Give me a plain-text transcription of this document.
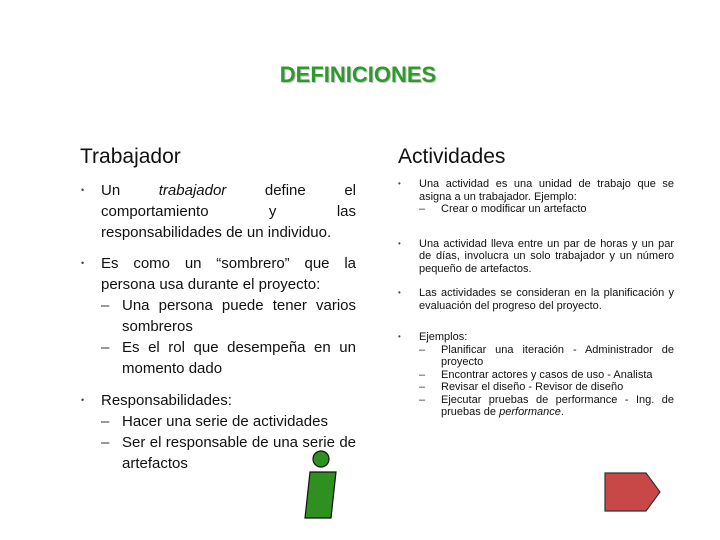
DEFINICIONES
Trabajador	Actividades
• Un trabajador define el comportamiento y las responsabilidades de un individuo.
• Es como un “sombrero” que la persona usa durante el proyecto:
– Una persona puede tener varios sombreros
– Es el rol que desempeña en un momento dado
• Responsabilidades:
– Hacer una serie de actividades
– Ser el responsable de una serie de artefactos
• Una actividad es una unidad de trabajo que se asigna a un trabajador. Ejemplo:
– Crear o modificar un artefacto
• Una actividad lleva entre un par de horas y un par de días, involucra un solo trabajador y un número pequeño de artefactos.
• Las actividades se consideran en la planificación y evaluación del progreso del proyecto.
• Ejemplos:
– Planificar una iteración - Administrador de proyecto
– Encontrar actores y casos de uso - Analista
– Revisar el diseño - Revisor de diseño
– Ejecutar pruebas de performance - Ing. de pruebas de performance.
